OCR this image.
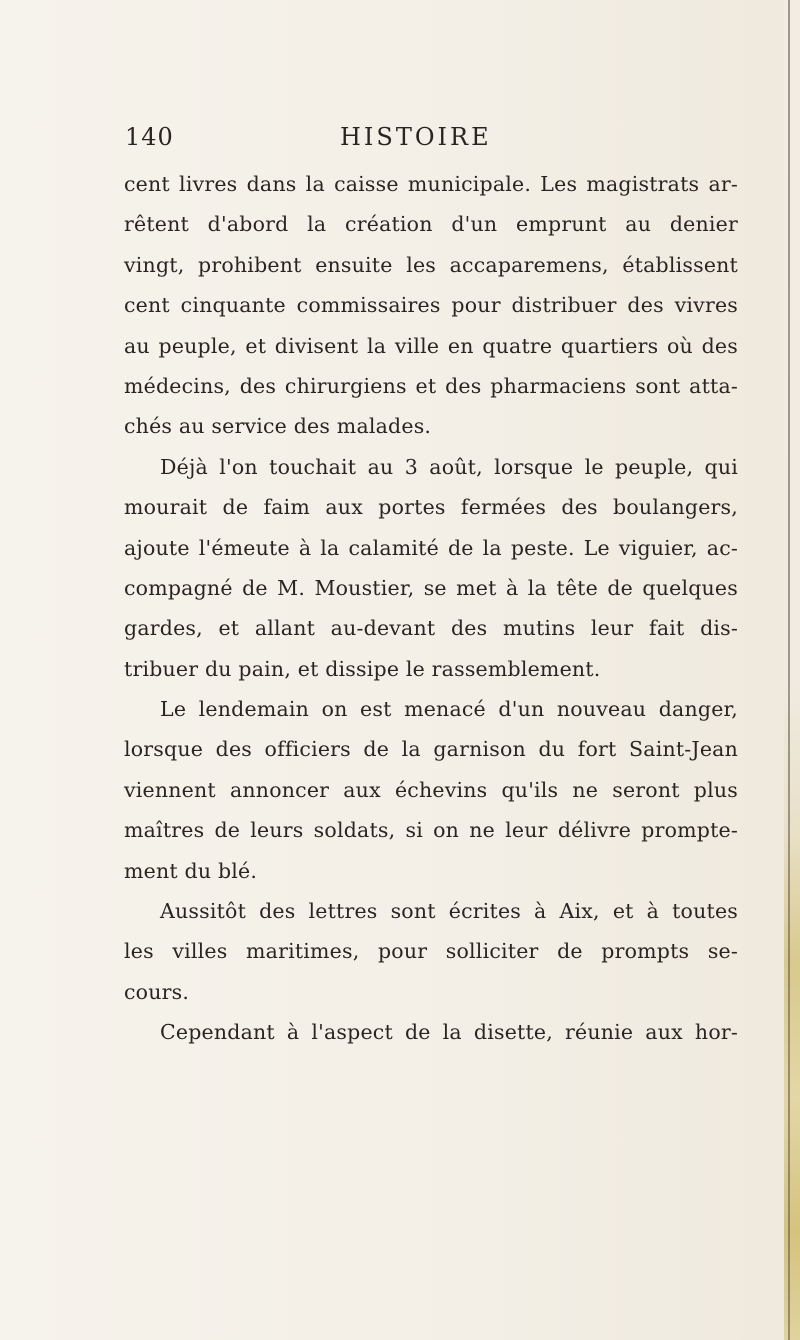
140	HISTOIRE
cent livres dans la caisse municipale. Les magistrats ar-
rêtent d'abord la création d'un emprunt au denier
vingt, prohibent ensuite les accaparemens, établissent
cent cinquante commissaires pour distribuer des vivres
au peuple, et divisent la ville en quatre quartiers où des
médecins, des chirurgiens et des pharmaciens sont atta-
chés au service des malades.
Déjà l'on touchait au 3 août, lorsque le peuple, qui
mourait de faim aux portes fermées des boulangers,
ajoute l'émeute à la calamité de la peste. Le viguier, ac-
compagné de M. Moustier, se met à la tête de quelques
gardes, et allant au-devant des mutins leur fait dis-
tribuer du pain, et dissipe le rassemblement.
Le lendemain on est menacé d'un nouveau danger,
lorsque des officiers de la garnison du fort Saint-Jean
viennent annoncer aux échevins qu'ils ne seront plus
maîtres de leurs soldats, si on ne leur délivre prompte-
ment du blé.
Aussitôt des lettres sont écrites à Aix, et à toutes
les villes maritimes, pour solliciter de prompts se-
cours.
Cependant à l'aspect de la disette, réunie aux hor-
